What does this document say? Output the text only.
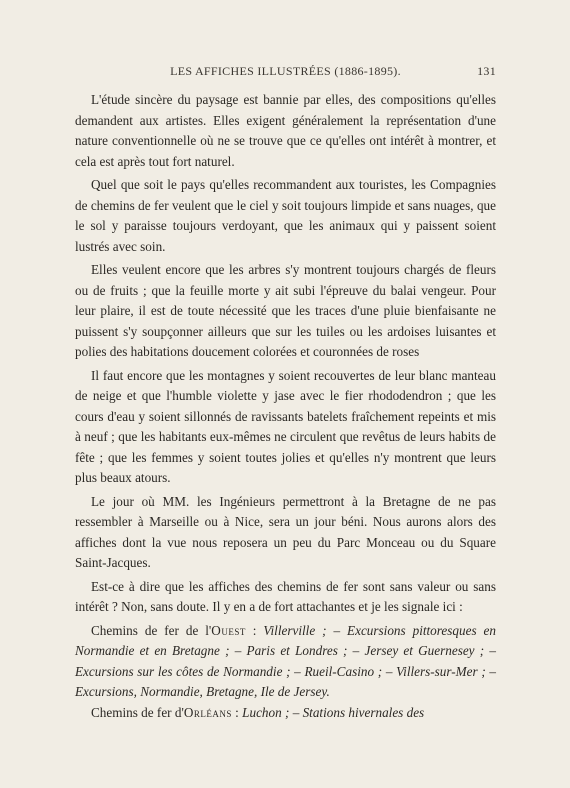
LES AFFICHES ILLUSTRÉES (1886-1895).	131

L'étude sincère du paysage est bannie par elles, des compositions qu'elles demandent aux artistes. Elles exigent généralement la représentation d'une nature conventionnelle où ne se trouve que ce qu'elles ont intérêt à montrer, et cela est après tout fort naturel.

Quel que soit le pays qu'elles recommandent aux touristes, les Compagnies de chemins de fer veulent que le ciel y soit toujours limpide et sans nuages, que le sol y paraisse toujours verdoyant, que les animaux qui y paissent soient lustrés avec soin.

Elles veulent encore que les arbres s'y montrent toujours chargés de fleurs ou de fruits ; que la feuille morte y ait subi l'épreuve du balai vengeur. Pour leur plaire, il est de toute nécessité que les traces d'une pluie bienfaisante ne puissent s'y soupçonner ailleurs que sur les tuiles ou les ardoises luisantes et polies des habitations doucement colorées et couronnées de roses

Il faut encore que les montagnes y soient recouvertes de leur blanc manteau de neige et que l'humble violette y jase avec le fier rhododendron ; que les cours d'eau y soient sillonnés de ravissants batelets fraîchement repeints et mis à neuf ; que les habitants eux-mêmes ne circulent que revêtus de leurs habits de fête ; que les femmes y soient toutes jolies et qu'elles n'y montrent que leurs plus beaux atours.

Le jour où MM. les Ingénieurs permettront à la Bretagne de ne pas ressembler à Marseille ou à Nice, sera un jour béni. Nous aurons alors des affiches dont la vue nous reposera un peu du Parc Monceau ou du Square Saint-Jacques.

Est-ce à dire que les affiches des chemins de fer sont sans valeur ou sans intérêt ? Non, sans doute. Il y en a de fort attachantes et je les signale ici :

Chemins de fer de l'Ouest : Villerville ; – Excursions pittoresques en Normandie et en Bretagne ; – Paris et Londres ; – Jersey et Guernesey ; – Excursions sur les côtes de Normandie ; – Rueil-Casino ; – Villers-sur-Mer ; – Excursions, Normandie, Bretagne, Ile de Jersey.

Chemins de fer d'Orléans : Luchon ; – Stations hivernales des
